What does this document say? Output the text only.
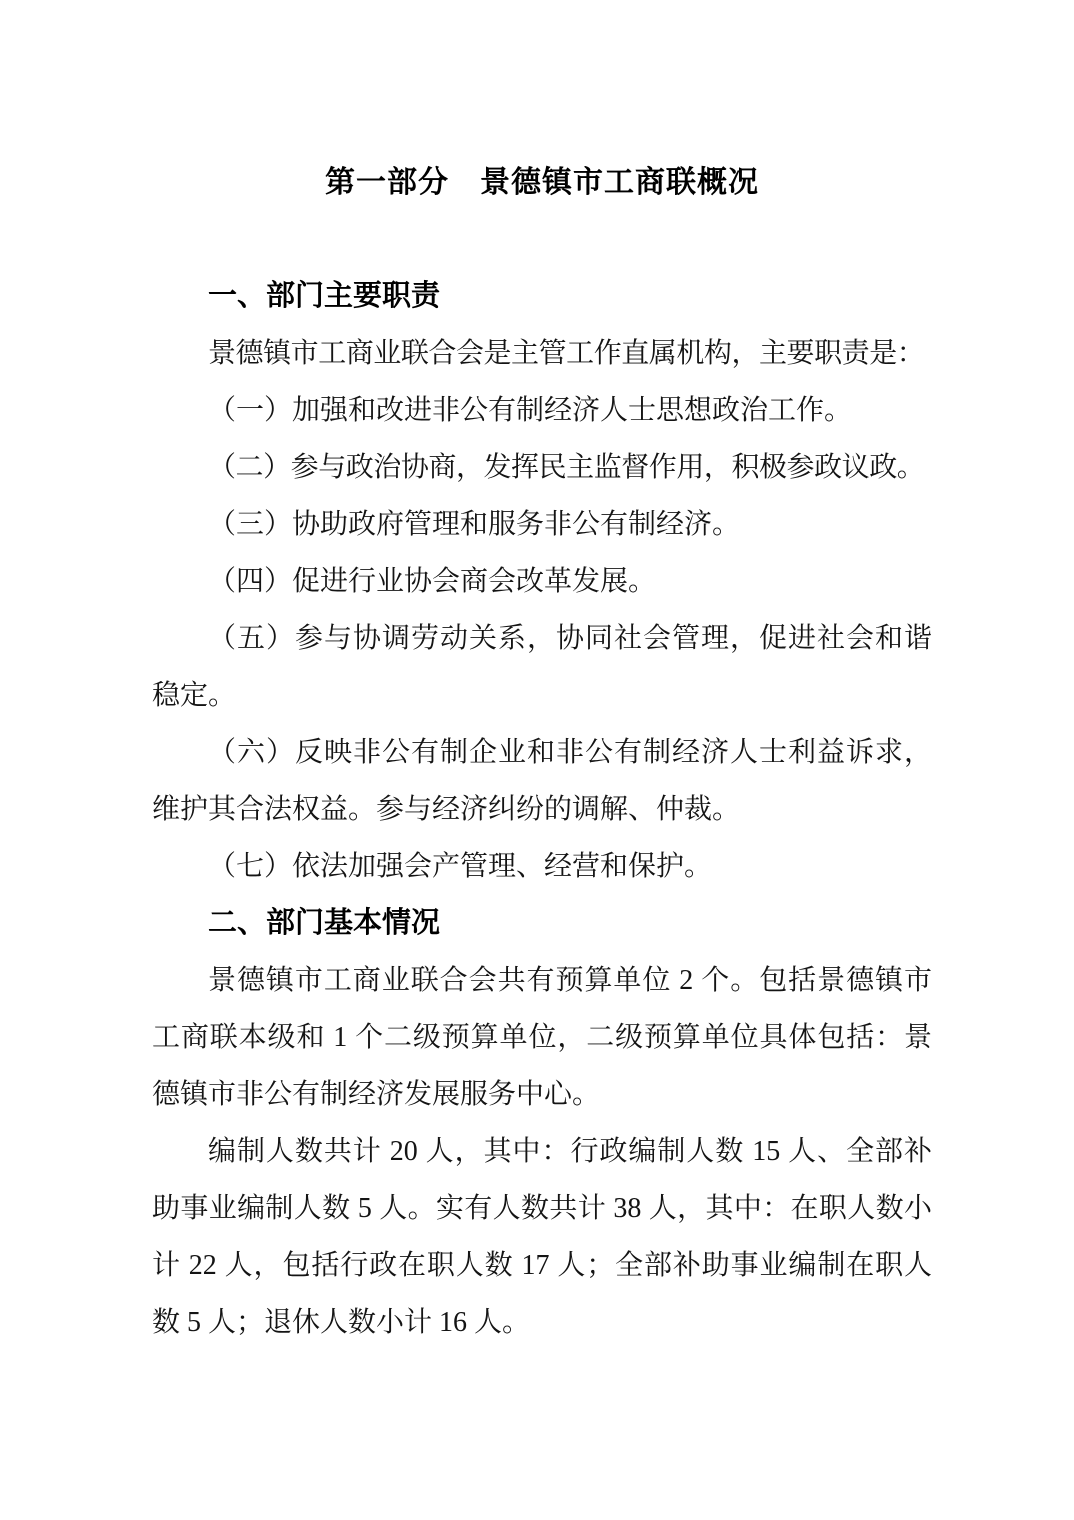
第一部分　景德镇市工商联概况
一、部门主要职责

景德镇市工商业联合会是主管工作直属机构，主要职责是：

（一）加强和改进非公有制经济人士思想政治工作。

（二）参与政治协商，发挥民主监督作用，积极参政议政。

（三）协助政府管理和服务非公有制经济。

（四）促进行业协会商会改革发展。

（五）参与协调劳动关系，协同社会管理，促进社会和谐稳定。

（六）反映非公有制企业和非公有制经济人士利益诉求，维护其合法权益。参与经济纠纷的调解、仲裁。

（七）依法加强会产管理、经营和保护。

二、部门基本情况

景德镇市工商业联合会共有预算单位 2 个。包括景德镇市工商联本级和 1 个二级预算单位，二级预算单位具体包括：景德镇市非公有制经济发展服务中心。

编制人数共计 20 人，其中：行政编制人数 15 人、全部补助事业编制人数 5 人。实有人数共计 38 人，其中：在职人数小计 22 人，包括行政在职人数 17 人；全部补助事业编制在职人数 5 人；退休人数小计 16 人。
